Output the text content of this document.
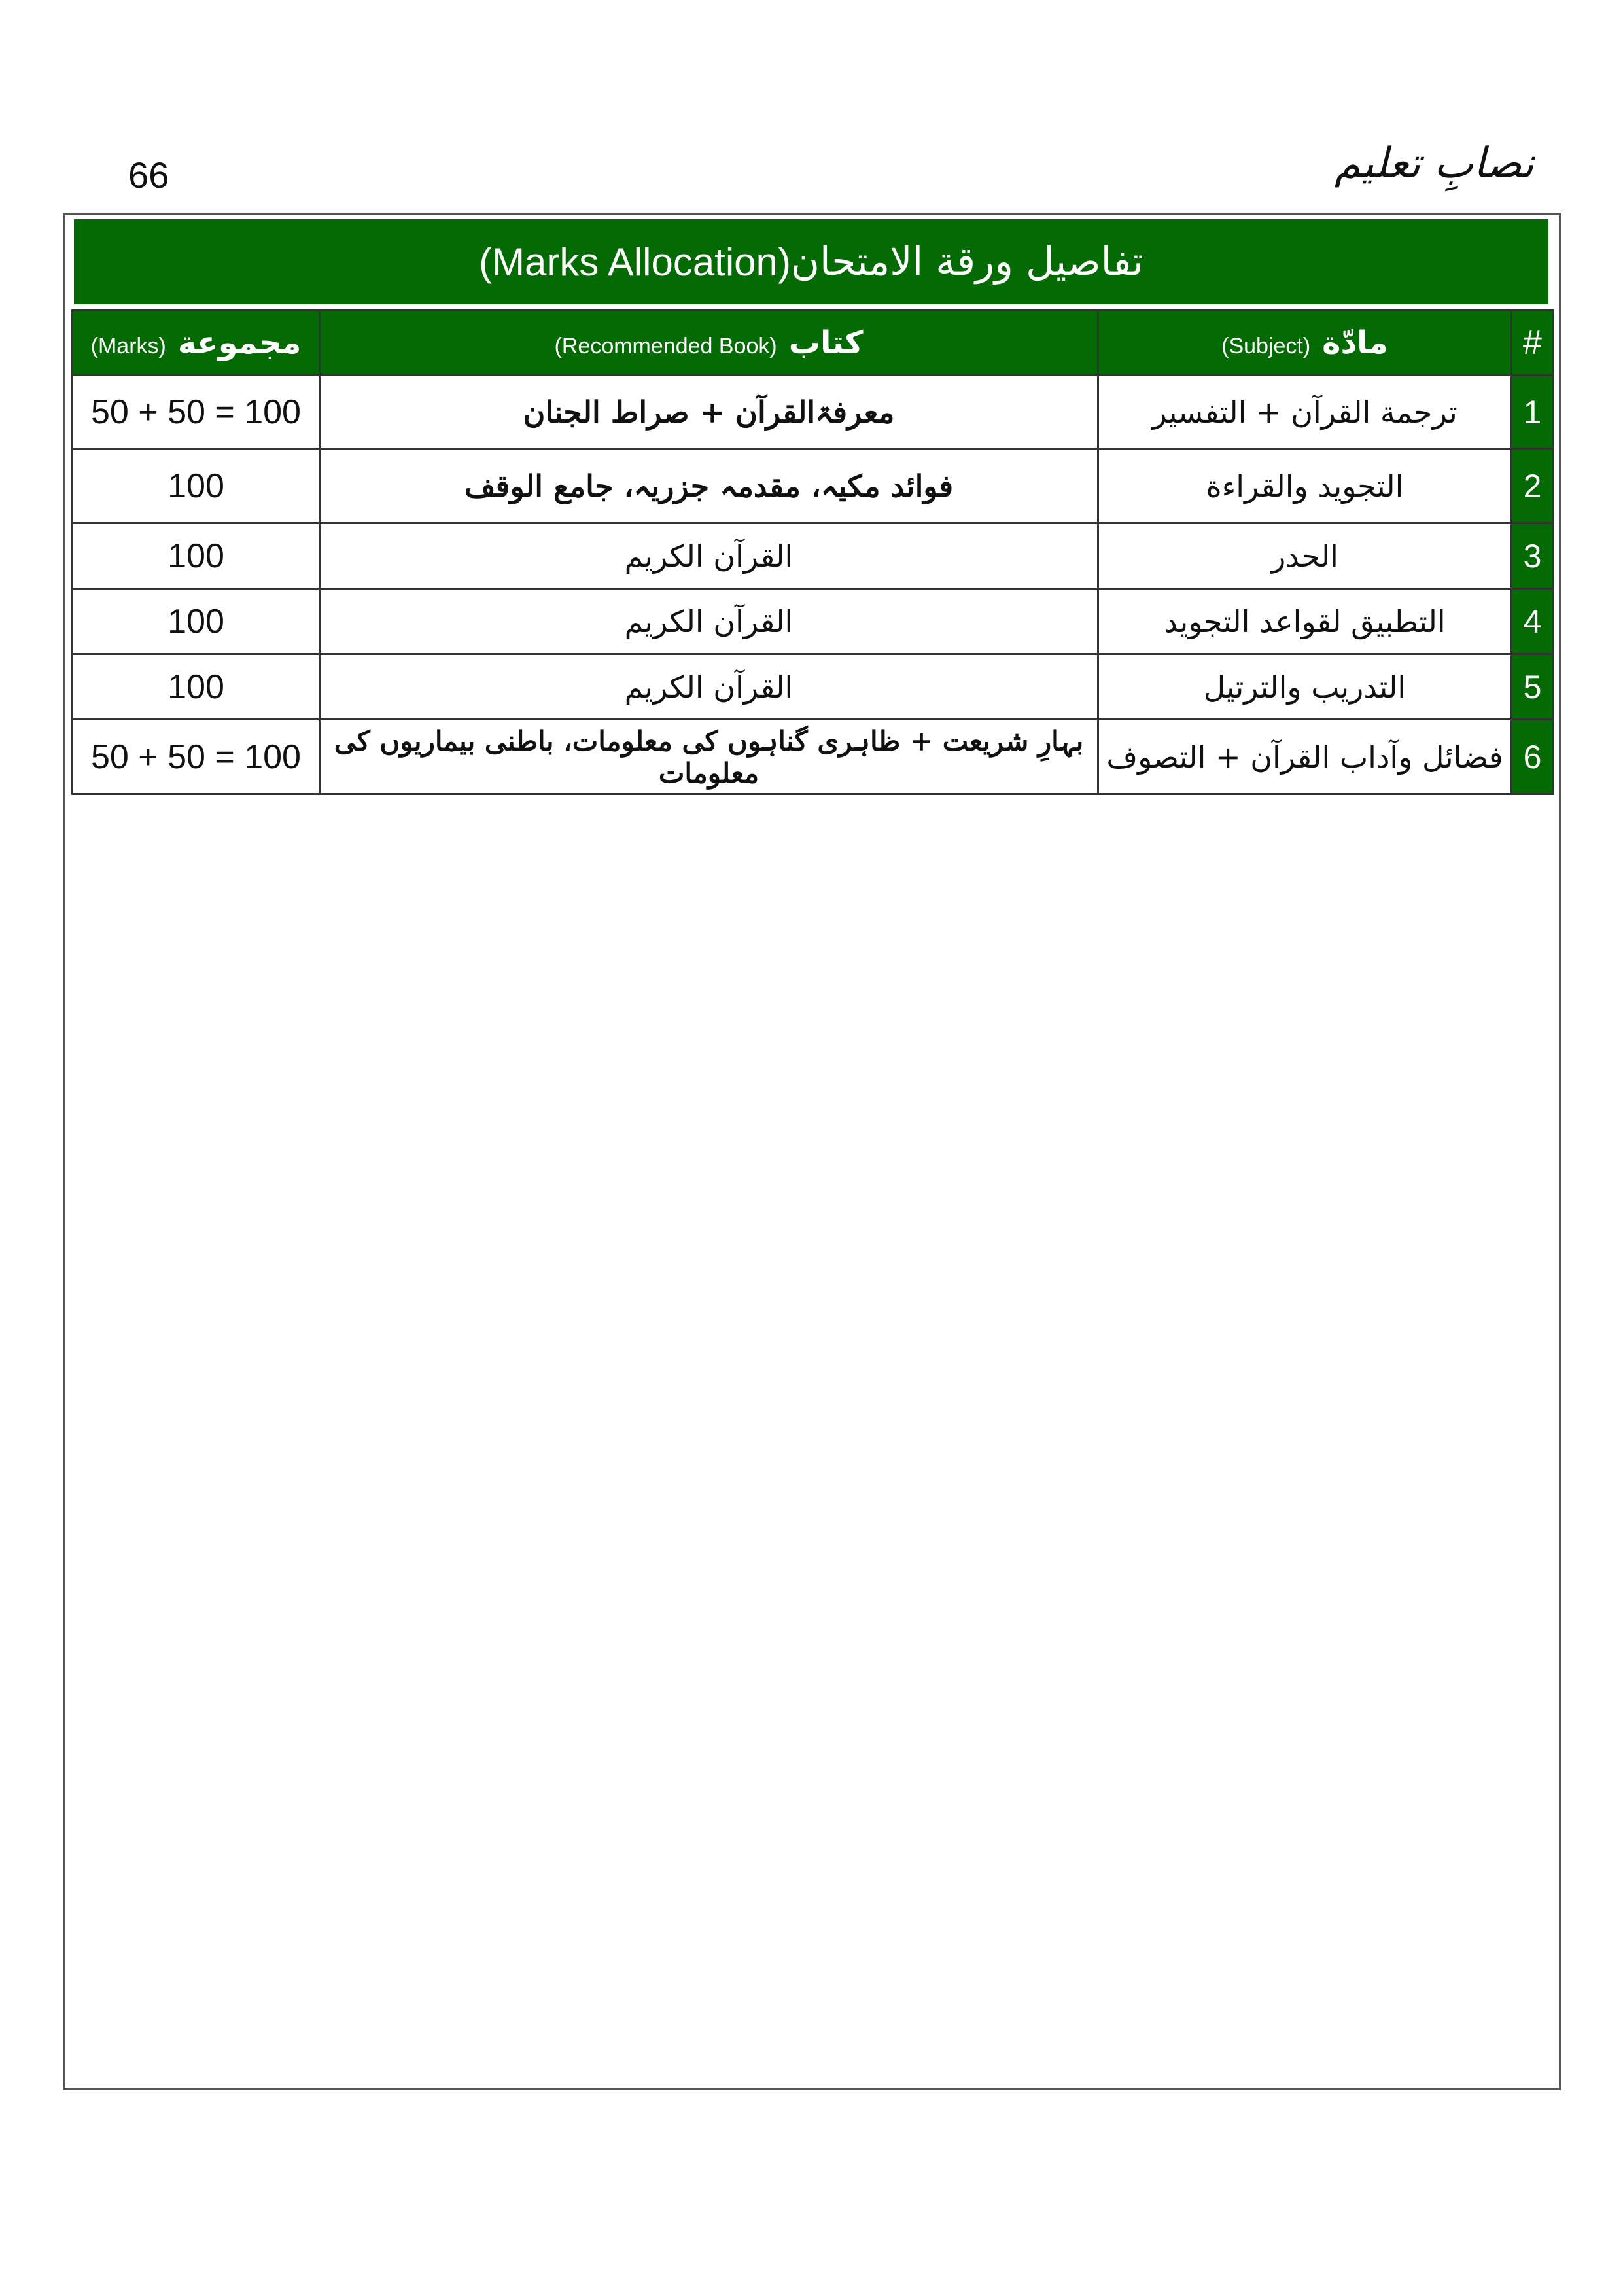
66	نصابِ تعلیم
تفاصيل ورقة الامتحان
(Marks Allocation)
#	مادّة(Subject)	كتاب(Recommended Book)	مجموعة(Marks)
1	ترجمة القرآن + التفسير	معرفۃالقرآن + صراط الجنان	50 + 50 = 100
2	التجويد والقراءة	فوائد مکیہ، مقدمہ جزریہ، جامع الوقف	100
3	الحدر	القرآن الكريم	100
4	التطبيق لقواعد التجويد	القرآن الكريم	100
5	التدريب والترتيل	القرآن الكريم	100
6	فضائل وآداب القرآن + التصوف	بہارِ شریعت + ظاہری گناہوں کی معلومات، باطنی بیماریوں کی معلومات	50 + 50 = 100
